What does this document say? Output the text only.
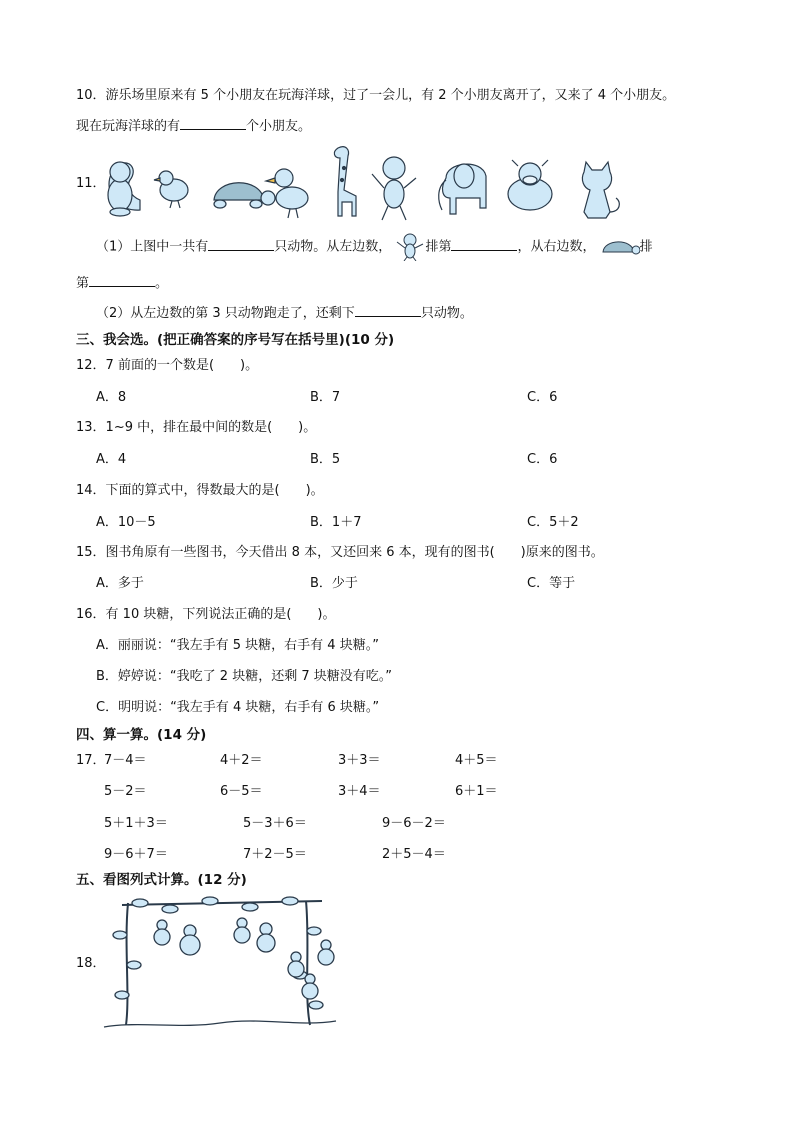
10．游乐场里原来有 5 个小朋友在玩海洋球，过了一会儿，有 2 个小朋友离开了，又来了 4 个小朋友。
现在玩海洋球的有	个小朋友。
11．
（1）上图中一共有	只动物。从左边数，	排第	，从右边数，	排
第	。
（2）从左边数的第 3 只动物跑走了，还剩下	只动物。
三、我会选。(把正确答案的序号写在括号里)(10 分)
12．7 前面的一个数是(　　)。
A．8	B．7	C．6
13．1~9 中，排在最中间的数是(　　)。
A．4	B．5	C．6
14．下面的算式中，得数最大的是(　　)。
A．10－5	B．1＋7	C．5＋2
15．图书角原有一些图书，今天借出 8 本，又还回来 6 本，现有的图书(　　)原来的图书。
A．多于	B．少于	C．等于
16．有 10 块糖，下列说法正确的是(　　)。
A．丽丽说：“我左手有 5 块糖，右手有 4 块糖。”
B．婷婷说：“我吃了 2 块糖，还剩 7 块糖没有吃。”
C．明明说：“我左手有 4 块糖，右手有 6 块糖。”
四、算一算。(14 分)
17．
7－4＝	4＋2＝	3＋3＝	4＋5＝
5－2＝	6－5＝	3＋4＝	6＋1＝
5＋1＋3＝	5－3＋6＝	9－6－2＝
9－6＋7＝	7＋2－5＝	2＋5－4＝
五、看图列式计算。(12 分)
18．
